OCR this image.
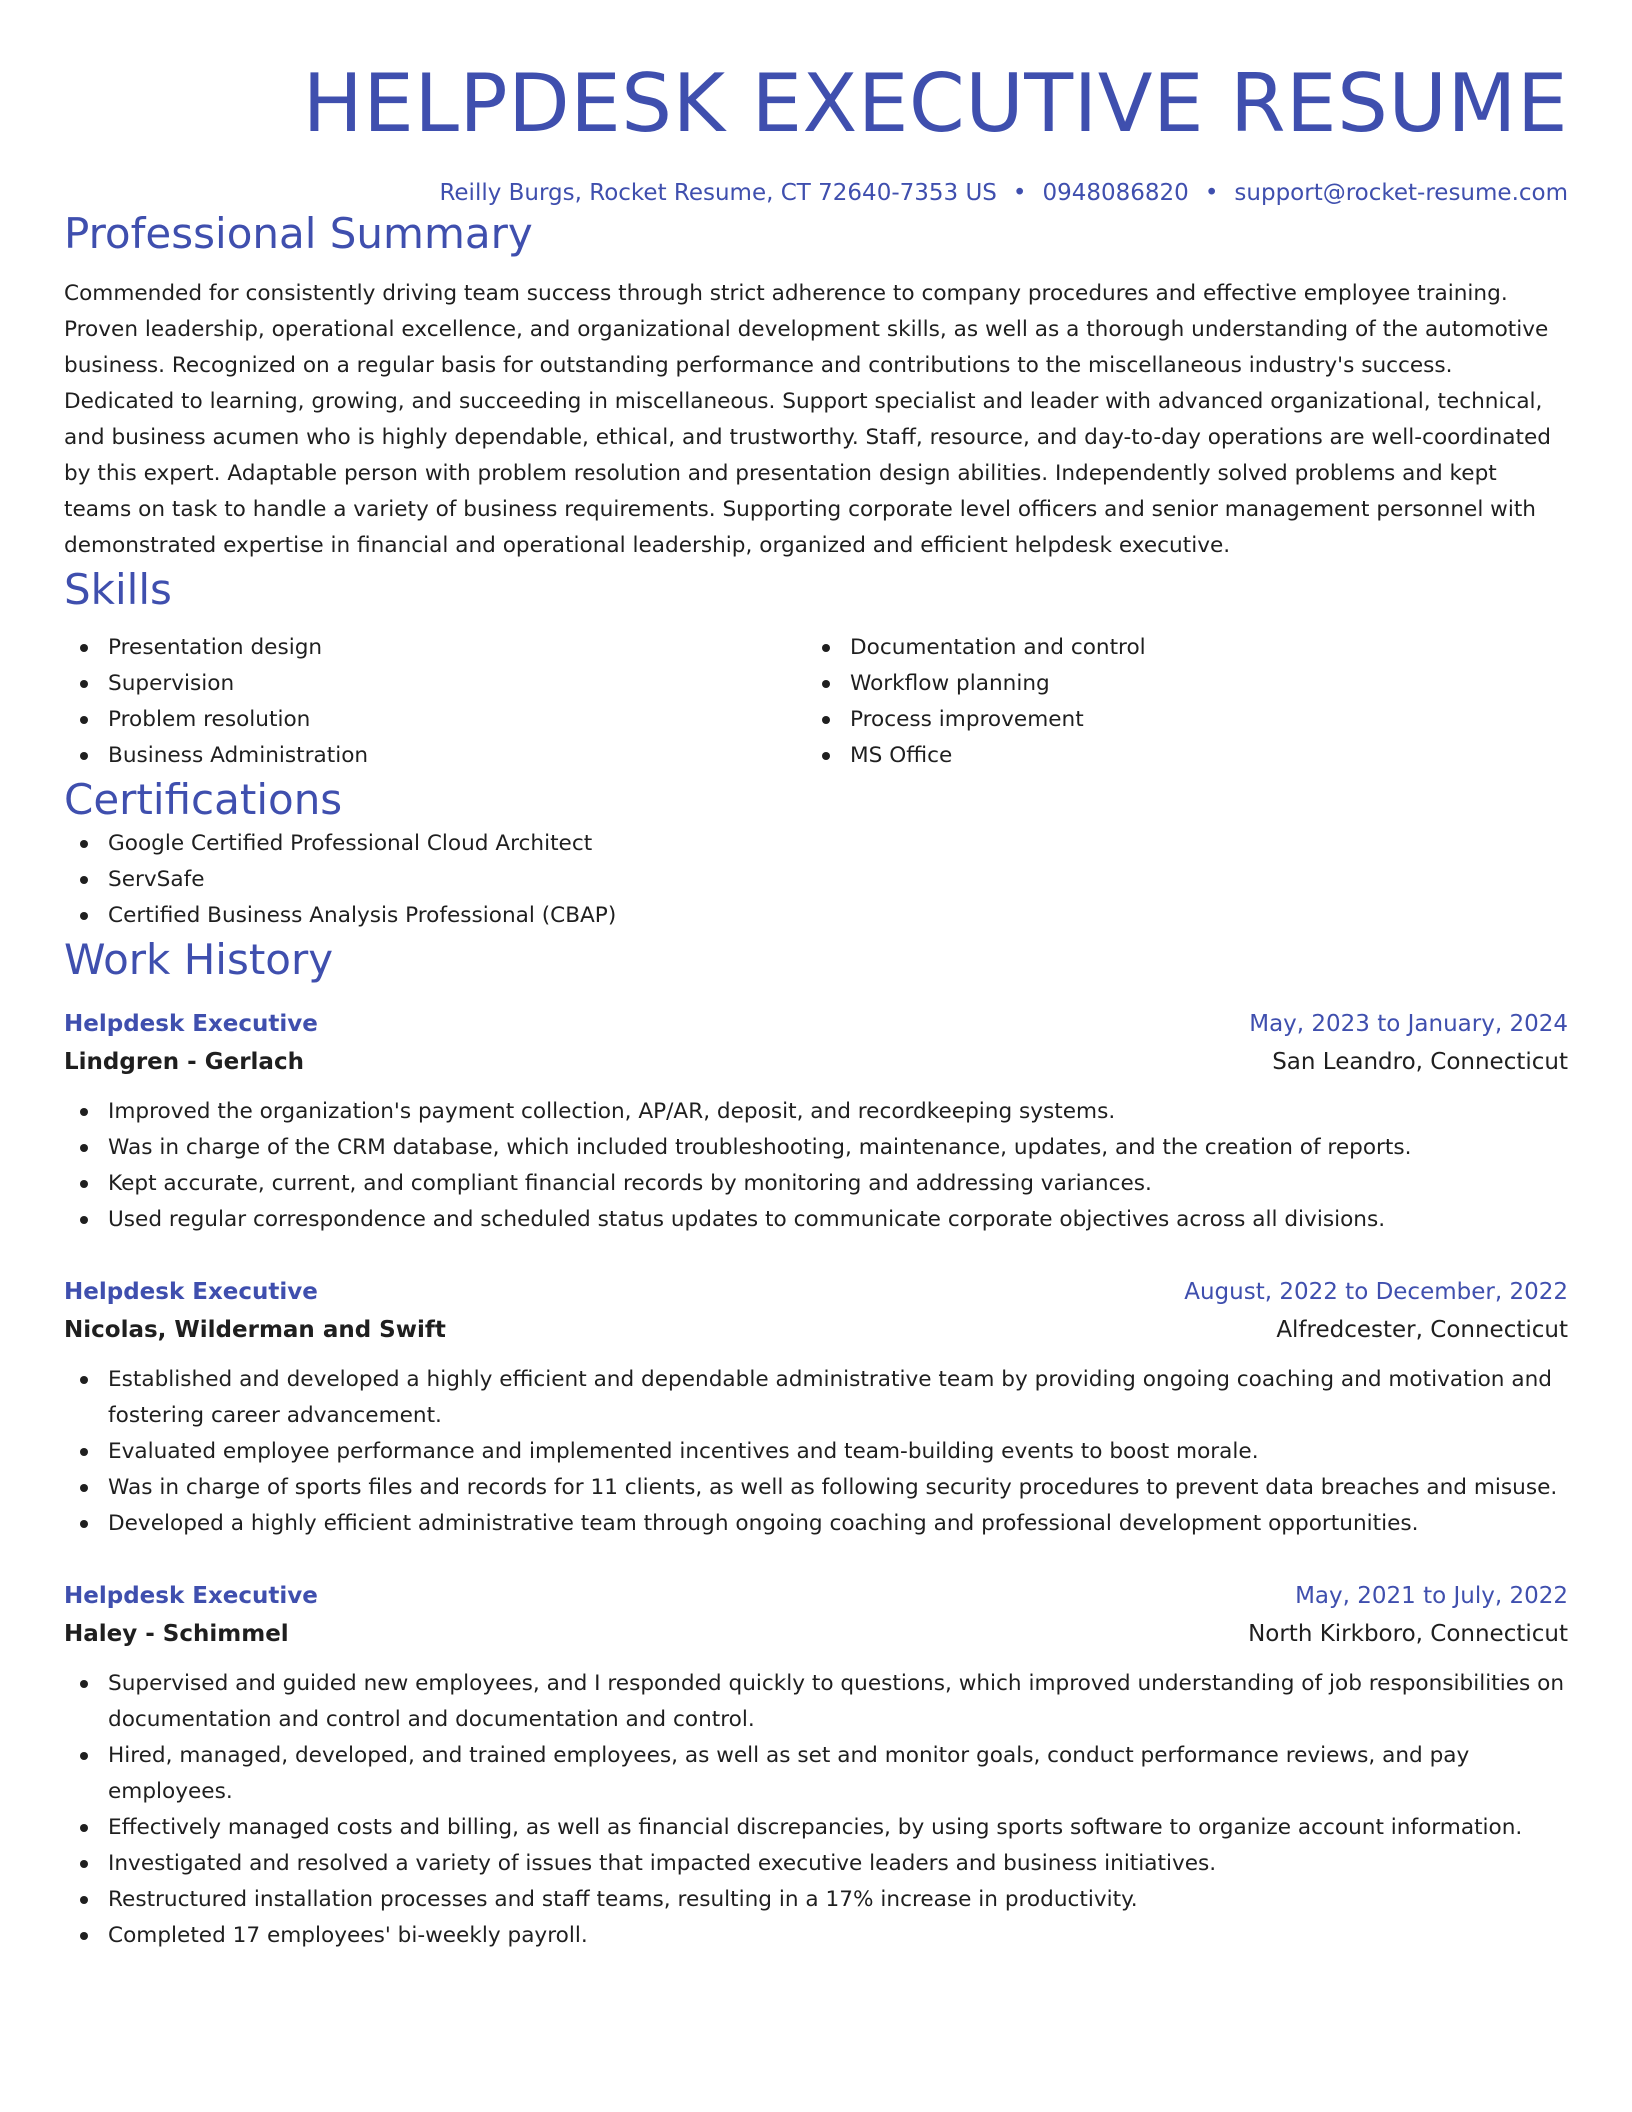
HELPDESK EXECUTIVE RESUME
Reilly Burgs, Rocket Resume, CT 72640-7353 US • 0948086820 • support@rocket-resume.com
Professional Summary
Commended for consistently driving team success through strict adherence to company procedures and effective employee training. Proven leadership, operational excellence, and organizational development skills, as well as a thorough understanding of the automotive business. Recognized on a regular basis for outstanding performance and contributions to the miscellaneous industry's success. Dedicated to learning, growing, and succeeding in miscellaneous. Support specialist and leader with advanced organizational, technical, and business acumen who is highly dependable, ethical, and trustworthy. Staff, resource, and day-to-day operations are well-coordinated by this expert. Adaptable person with problem resolution and presentation design abilities. Independently solved problems and kept teams on task to handle a variety of business requirements. Supporting corporate level officers and senior management personnel with demonstrated expertise in financial and operational leadership, organized and efficient helpdesk executive.
Skills
Presentation design
Supervision
Problem resolution
Business Administration
Documentation and control
Workflow planning
Process improvement
MS Office
Certifications
Google Certified Professional Cloud Architect
ServSafe
Certified Business Analysis Professional (CBAP)
Work History
Helpdesk Executive	May, 2023 to January, 2024
Lindgren - Gerlach	San Leandro, Connecticut
Improved the organization's payment collection, AP/AR, deposit, and recordkeeping systems.
Was in charge of the CRM database, which included troubleshooting, maintenance, updates, and the creation of reports.
Kept accurate, current, and compliant financial records by monitoring and addressing variances.
Used regular correspondence and scheduled status updates to communicate corporate objectives across all divisions.
Helpdesk Executive	August, 2022 to December, 2022
Nicolas, Wilderman and Swift	Alfredcester, Connecticut
Established and developed a highly efficient and dependable administrative team by providing ongoing coaching and motivation and fostering career advancement.
Evaluated employee performance and implemented incentives and team-building events to boost morale.
Was in charge of sports files and records for 11 clients, as well as following security procedures to prevent data breaches and misuse.
Developed a highly efficient administrative team through ongoing coaching and professional development opportunities.
Helpdesk Executive	May, 2021 to July, 2022
Haley - Schimmel	North Kirkboro, Connecticut
Supervised and guided new employees, and I responded quickly to questions, which improved understanding of job responsibilities on documentation and control and documentation and control.
Hired, managed, developed, and trained employees, as well as set and monitor goals, conduct performance reviews, and pay employees.
Effectively managed costs and billing, as well as financial discrepancies, by using sports software to organize account information.
Investigated and resolved a variety of issues that impacted executive leaders and business initiatives.
Restructured installation processes and staff teams, resulting in a 17% increase in productivity.
Completed 17 employees' bi-weekly payroll.
